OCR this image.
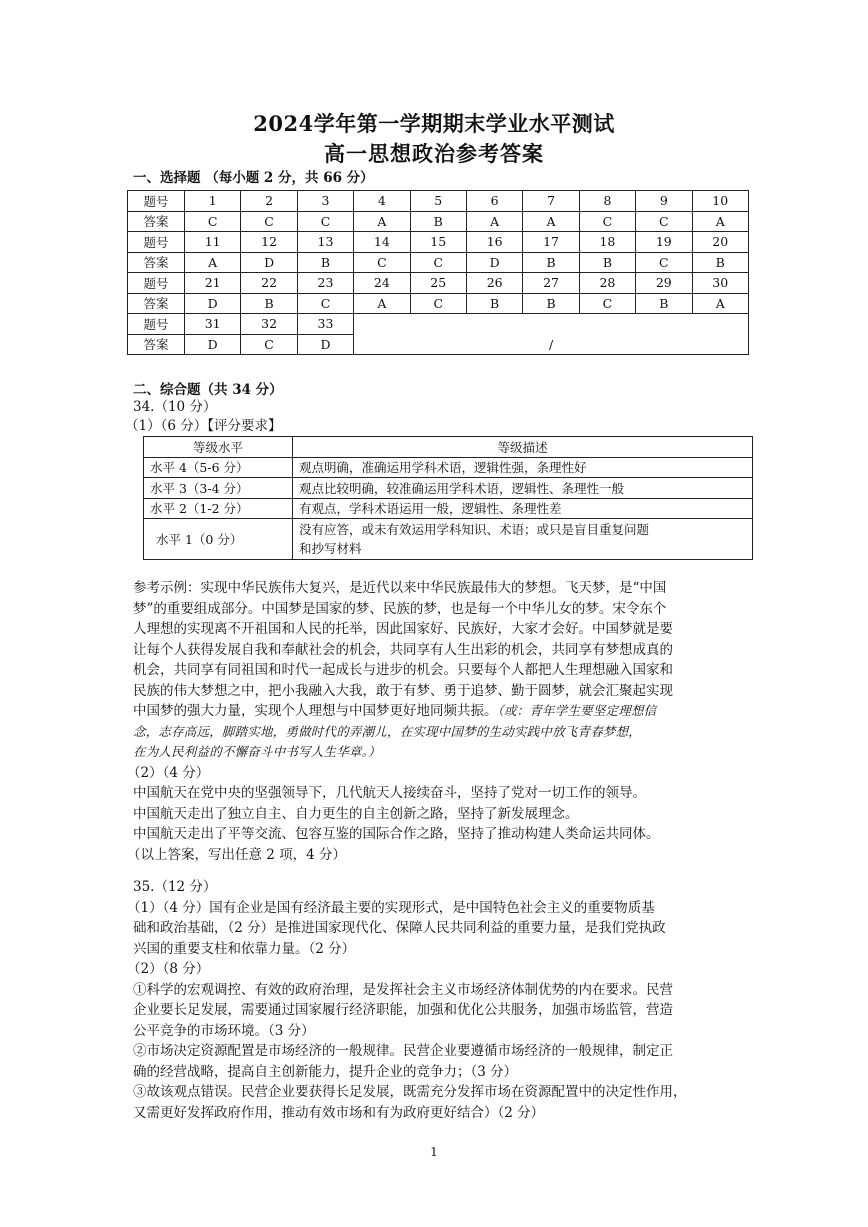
2024学年第一学期期末学业水平测试
高一思想政治参考答案
一、选择题 （每小题 2 分，共 66 分）
题号	1	2	3	4	5	6	7	8	9	10
答案	C	C	C	A	B	A	A	C	C	A
题号	11	12	13	14	15	16	17	18	19	20
答案	A	D	B	C	C	D	B	B	C	B
题号	21	22	23	24	25	26	27	28	29	30
答案	D	B	C	A	C	B	B	C	B	A
题号	31	32	33	/						
答案	D	C	D							
二、综合题（共 34 分）
34.（10 分）
（1）（6 分）【评分要求】
等级水平	等级描述
水平 4（5-6 分）	观点明确，准确运用学科术语，逻辑性强，条理性好
水平 3（3-4 分）	观点比较明确，较准确运用学科术语，逻辑性、条理性一般
水平 2（1-2 分）	有观点，学科术语运用一般，逻辑性、条理性差
水平 1（0 分）	没有应答，或未有效运用学科知识、术语；或只是盲目重复问题
和抄写材料
参考示例：实现中华民族伟大复兴，是近代以来中华民族最伟大的梦想。飞天梦，是“中国
梦”的重要组成部分。中国梦是国家的梦、民族的梦，也是每一个中华儿女的梦。宋令东个
人理想的实现离不开祖国和人民的托举，因此国家好、民族好，大家才会好。中国梦就是要
让每个人获得发展自我和奉献社会的机会，共同享有人生出彩的机会，共同享有梦想成真的
机会，共同享有同祖国和时代一起成长与进步的机会。只要每个人都把人生理想融入国家和
民族的伟大梦想之中，把小我融入大我，敢于有梦、勇于追梦、勤于圆梦，就会汇聚起实现
中国梦的强大力量，实现个人理想与中国梦更好地同频共振。（或：青年学生要坚定理想信
念，志存高远，脚踏实地，勇做时代的弄潮儿，在实现中国梦的生动实践中放飞青春梦想，
在为人民利益的不懈奋斗中书写人生华章。）
（2）（4 分）
中国航天在党中央的坚强领导下，几代航天人接续奋斗，坚持了党对一切工作的领导。
中国航天走出了独立自主、自力更生的自主创新之路，坚持了新发展理念。
中国航天走出了平等交流、包容互鉴的国际合作之路，坚持了推动构建人类命运共同体。
（以上答案，写出任意 2 项，4 分）
35.（12 分）
（1）（4 分）国有企业是国有经济最主要的实现形式，是中国特色社会主义的重要物质基
础和政治基础，（2 分）是推进国家现代化、保障人民共同利益的重要力量，是我们党执政
兴国的重要支柱和依靠力量。（2 分）
（2）（8 分）
①科学的宏观调控、有效的政府治理，是发挥社会主义市场经济体制优势的内在要求。民营
企业要长足发展，需要通过国家履行经济职能，加强和优化公共服务，加强市场监管，营造
公平竞争的市场环境。（3 分）
②市场决定资源配置是市场经济的一般规律。民营企业要遵循市场经济的一般规律，制定正
确的经营战略，提高自主创新能力，提升企业的竞争力；（3 分）
③故该观点错误。民营企业要获得长足发展，既需充分发挥市场在资源配置中的决定性作用，
又需更好发挥政府作用，推动有效市场和有为政府更好结合）（2 分）
1
